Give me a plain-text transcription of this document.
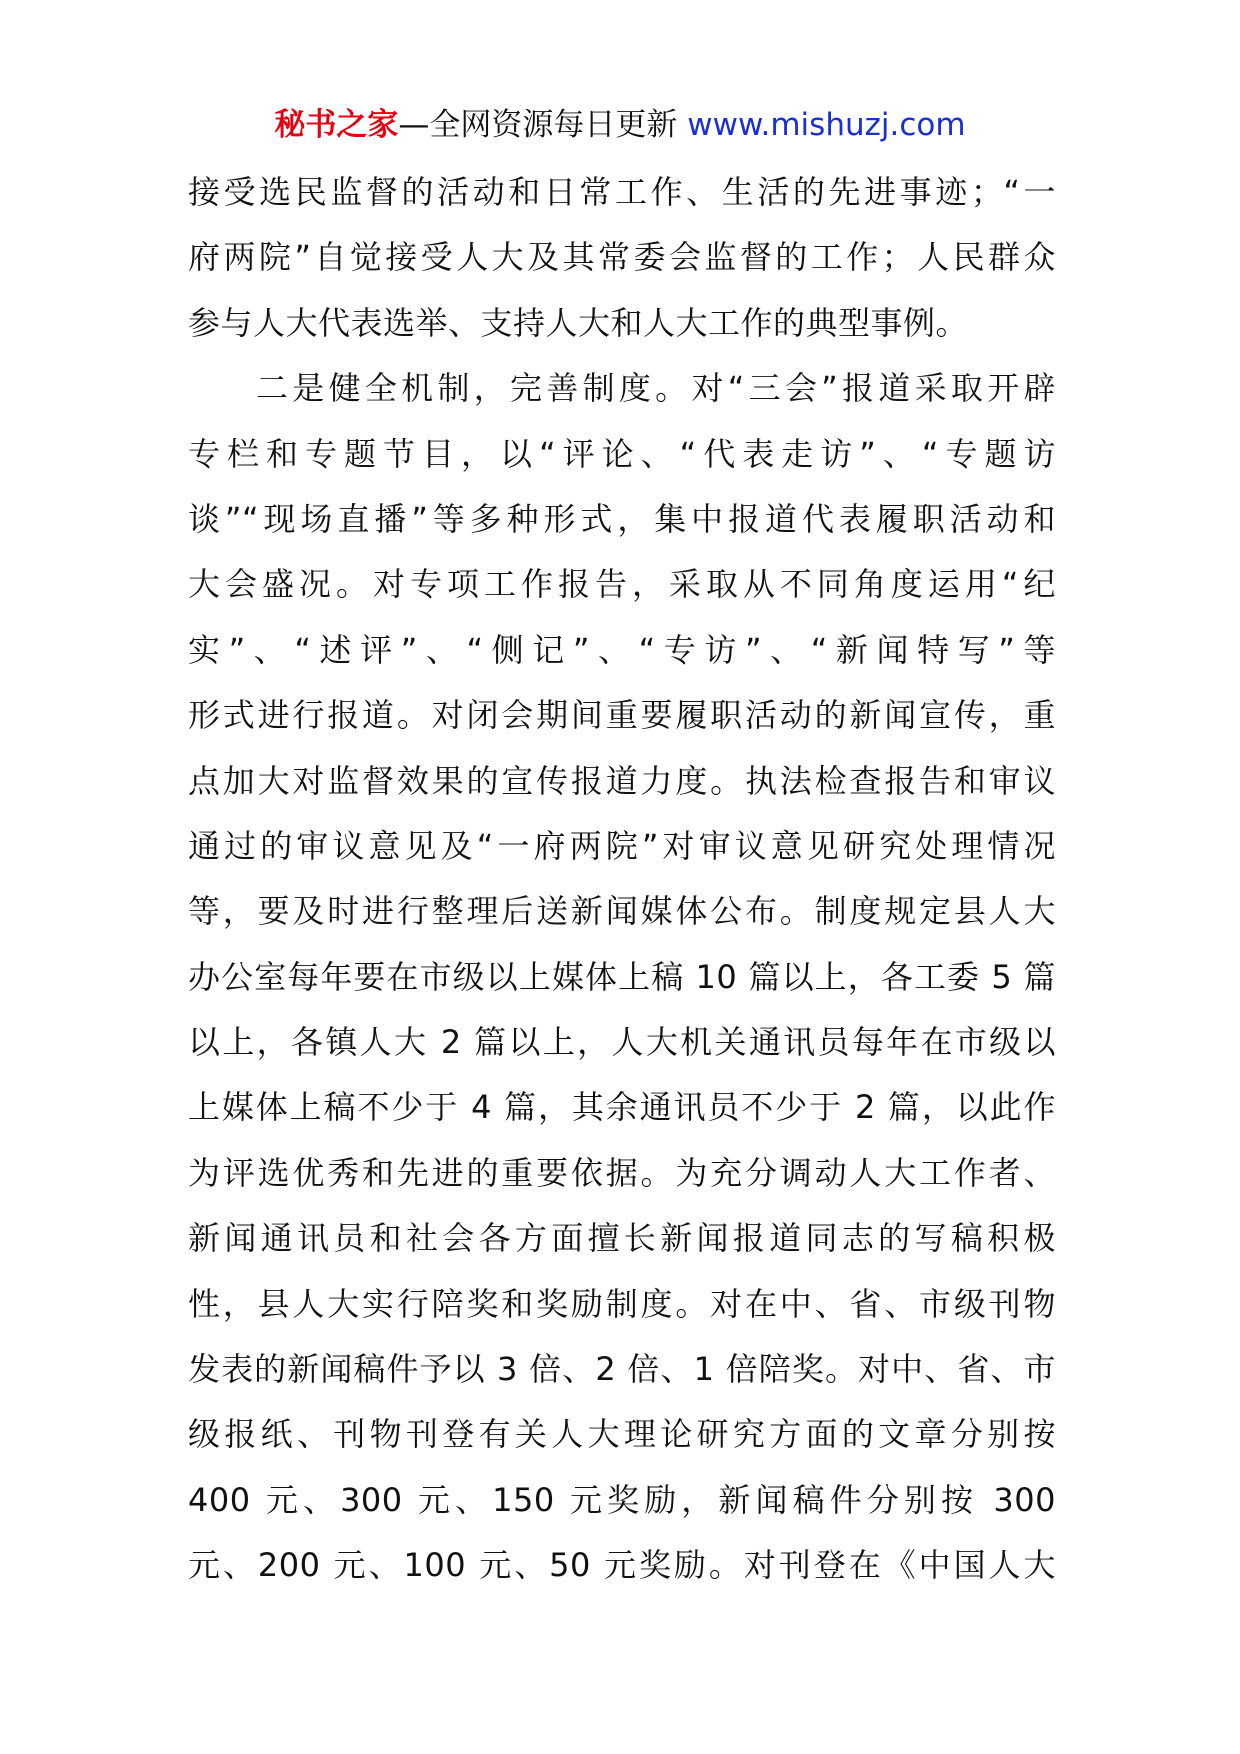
秘书之家—全网资源每日更新 www.mishuzj.com
接受选民监督的活动和日常工作、生活的先进事迹；“一
府两院”自觉接受人大及其常委会监督的工作；人民群众
参与人大代表选举、支持人大和人大工作的典型事例。
二是健全机制，完善制度。对“三会”报道采取开辟
专栏和专题节目，以“评论、“代表走访”、“专题访
谈”“现场直播”等多种形式，集中报道代表履职活动和
大会盛况。对专项工作报告，采取从不同角度运用“纪
实”、“述评”、“侧记”、“专访”、“新闻特写”等
形式进行报道。对闭会期间重要履职活动的新闻宣传，重
点加大对监督效果的宣传报道力度。执法检查报告和审议
通过的审议意见及“一府两院”对审议意见研究处理情况
等，要及时进行整理后送新闻媒体公布。制度规定县人大
办公室每年要在市级以上媒体上稿 10 篇以上，各工委 5 篇
以上，各镇人大 2 篇以上，人大机关通讯员每年在市级以
上媒体上稿不少于 4 篇，其余通讯员不少于 2 篇，以此作
为评选优秀和先进的重要依据。为充分调动人大工作者、
新闻通讯员和社会各方面擅长新闻报道同志的写稿积极
性，县人大实行陪奖和奖励制度。对在中、省、市级刊物
发表的新闻稿件予以 3 倍、2 倍、1 倍陪奖。对中、省、市
级报纸、刊物刊登有关人大理论研究方面的文章分别按
400 元、300 元、150 元奖励，新闻稿件分别按 300
元、200 元、100 元、50 元奖励。对刊登在《中国人大
